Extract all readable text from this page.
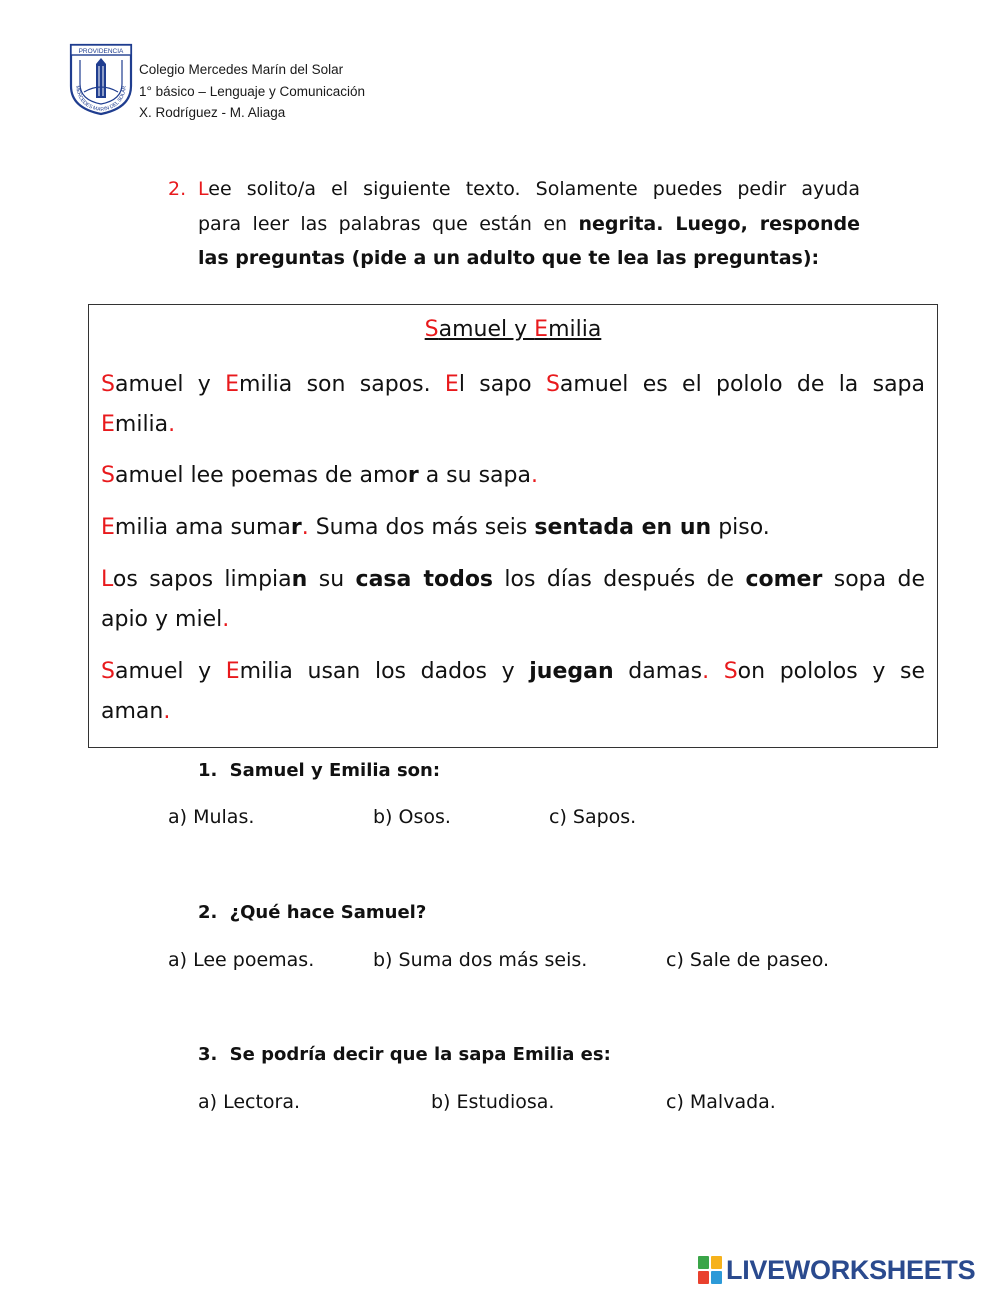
PROVIDENCIA
MERCEDES MARIN DEL SOLAR
Colegio Mercedes Marín del Solar
1° básico – Lenguaje y Comunicación
X. Rodríguez - M. Aliaga
2. Lee solito/a el siguiente texto. Solamente puedes pedir ayuda
para leer las palabras que están en negrita. Luego, responde
las preguntas (pide a un adulto que te lea las preguntas):
Samuel y Emilia
Samuel y Emilia son sapos. El sapo Samuel es el pololo de la sapa
Emilia.
Samuel lee poemas de amor a su sapa.
Emilia ama sumar. Suma dos más seis sentada en un piso.
Los sapos limpian su casa todos los días después de comer sopa de
apio y miel.
Samuel y Emilia usan los dados y juegan damas. Son pololos y se
aman.
1. Samuel y Emilia son:
a) Mulas.	b) Osos.	c) Sapos.
2. ¿Qué hace Samuel?
a) Lee poemas.	b) Suma dos más seis.	c) Sale de paseo.
3. Se podría decir que la sapa Emilia es:
a) Lectora.	b) Estudiosa.	c) Malvada.
LIVEWORKSHEETS
